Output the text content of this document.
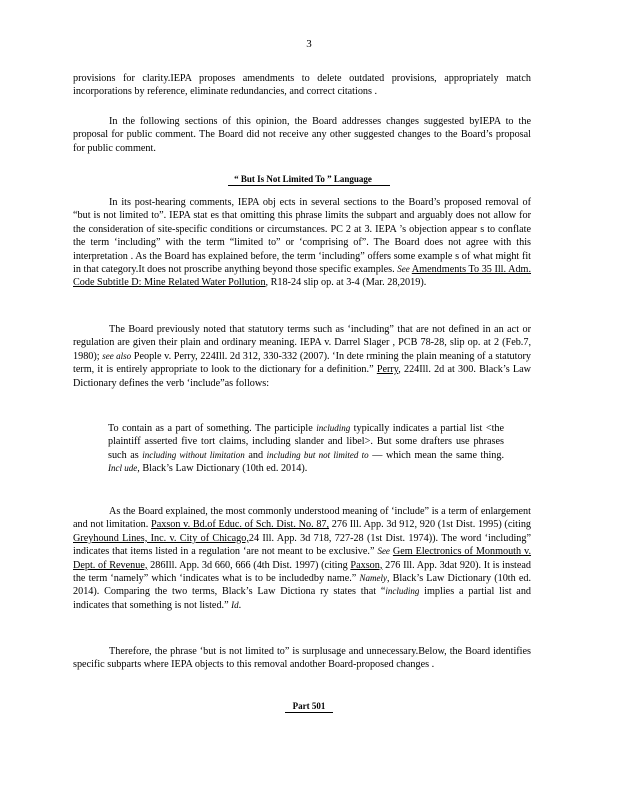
3
provisions for clarity.IEPA proposes amendments to delete outdated provisions, appropriately match incorporations by reference, eliminate redundancies, and correct citations .
In the following sections of this opinion, the Board addresses changes suggested byIEPA to the proposal for public comment. The Board did not receive any other suggested changes to the Board’s proposal for public comment.
“ But Is Not Limited To ” Language
In its post-hearing comments, IEPA obj ects in several sections to the Board’s proposed removal of “but is not limited to”. IEPA stat es that omitting this phrase limits the subpart and arguably does not allow for the consideration of site-specific conditions or circumstances. PC 2 at 3. IEPA ’s objection appear s to conflate the term ‘including” with the term “limited to” or ‘comprising of”. The Board does not agree with this interpretation . As the Board has explained before, the term ‘including” offers some example s of what might fit in that category.It does not proscribe anything beyond those specific examples. See Amendments To 35 Ill. Adm. Code Subtitle D: Mine Related Water Pollution, R18-24 slip op. at 3-4 (Mar. 28,2019).
The Board previously noted that statutory terms such as ‘including” that are not defined in an act or regulation are given their plain and ordinary meaning. IEPA v. Darrel Slager , PCB 78-28, slip op. at 2 (Feb.7, 1980); see also People v. Perry, 224Ill. 2d 312, 330-332 (2007). ‘In dete rmining the plain meaning of a statutory term, it is entirely appropriate to look to the dictionary for a definition.” Perry, 224Ill. 2d at 300. Black’s Law Dictionary defines the verb ‘include”as follows:
To contain as a part of something. The participle including typically indicates a partial list <the plaintiff asserted five tort claims, including slander and libel>. But some drafters use phrases such as including without limitation and including but not limited to — which mean the same thing. Incl ude, Black’s Law Dictionary (10th ed. 2014).
As the Board explained, the most commonly understood meaning of ‘include” is a term of enlargement and not limitation. Paxson v. Bd.of Educ. of Sch. Dist. No. 87, 276 Ill. App. 3d 912, 920 (1st Dist. 1995) (citing Greyhound Lines, Inc. v. City of Chicago,24 Ill. App. 3d 718, 727-28 (1st Dist. 1974)). The word ‘including” indicates that items listed in a regulation ‘are not meant to be exclusive.” See Gem Electronics of Monmouth v. Dept. of Revenue, 286Ill. App. 3d 660, 666 (4th Dist. 1997) (citing Paxson, 276 Ill. App. 3dat 920). It is instead the term ‘namely” which ‘indicates what is to be includedby name.” Namely, Black’s Law Dictionary (10th ed. 2014). Comparing the two terms, Black’s Law Dictiona ry states that “including implies a partial list and indicates that something is not listed.” Id.
Therefore, the phrase ‘but is not limited to” is surplusage and unnecessary.Below, the Board identifies specific subparts where IEPA objects to this removal andother Board-proposed changes .
Part 501
